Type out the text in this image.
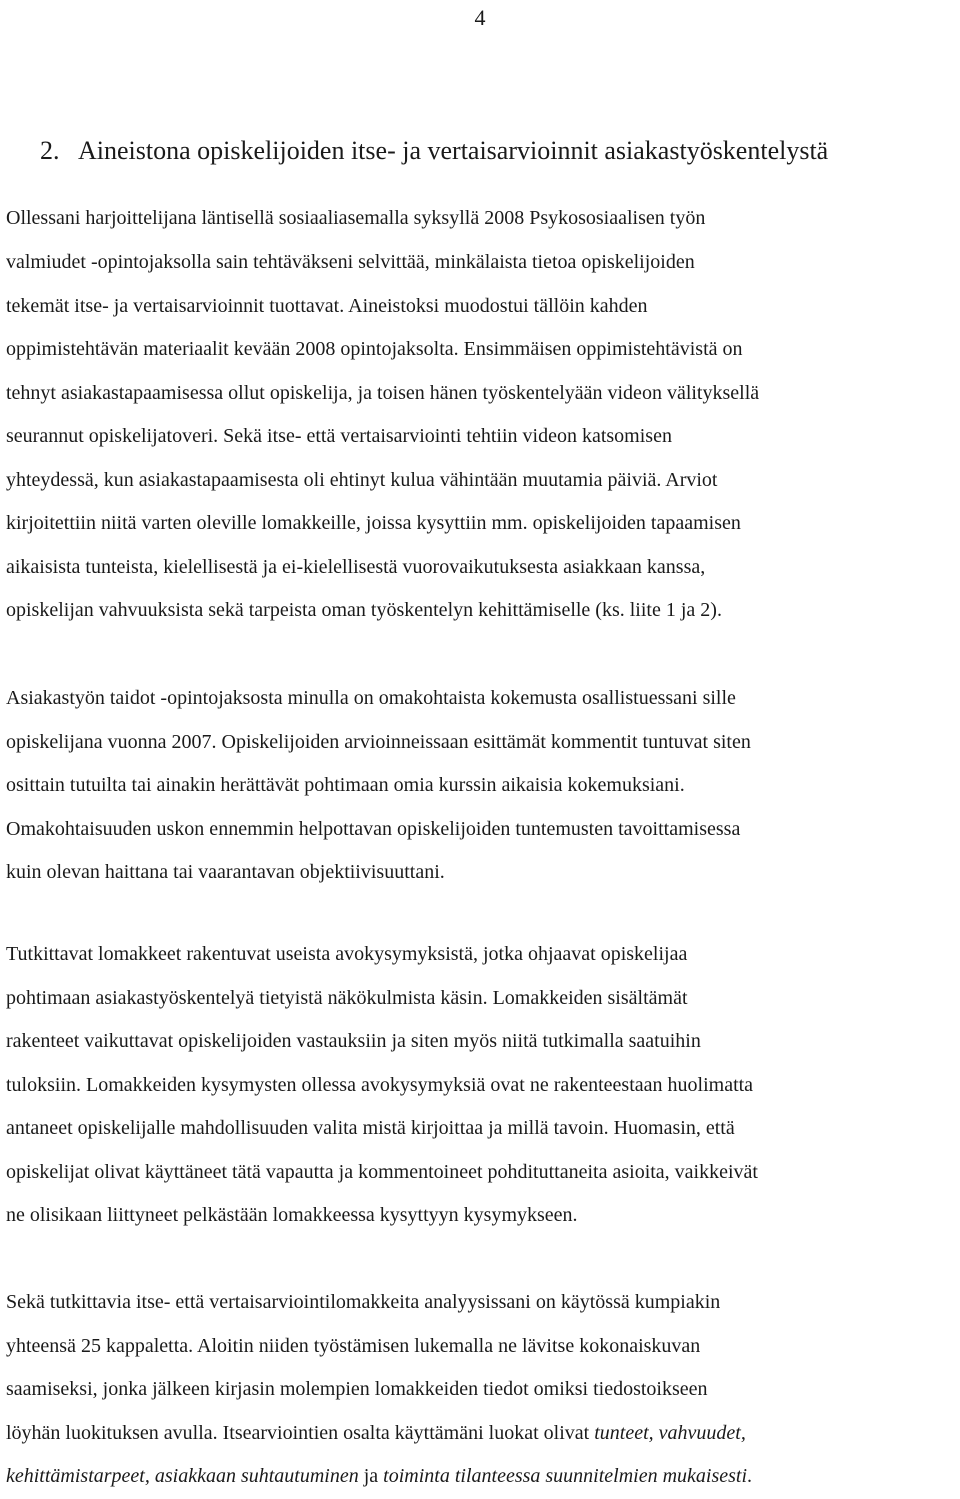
4
2. Aineistona opiskelijoiden itse- ja vertaisarvioinnit asiakastyöskentelystä
Ollessani harjoittelijana läntisellä sosiaaliasemalla syksyllä 2008 Psykososiaalisen työn
valmiudet -opintojaksolla sain tehtäväkseni selvittää, minkälaista tietoa opiskelijoiden
tekemät itse- ja vertaisarvioinnit tuottavat. Aineistoksi muodostui tällöin kahden
oppimistehtävän materiaalit kevään 2008 opintojaksolta. Ensimmäisen oppimistehtävistä on
tehnyt asiakastapaamisessa ollut opiskelija, ja toisen hänen työskentelyään videon välityksellä
seurannut opiskelijatoveri. Sekä itse- että vertaisarviointi tehtiin videon katsomisen
yhteydessä, kun asiakastapaamisesta oli ehtinyt kulua vähintään muutamia päiviä. Arviot
kirjoitettiin niitä varten oleville lomakkeille, joissa kysyttiin mm. opiskelijoiden tapaamisen
aikaisista tunteista, kielellisestä ja ei-kielellisestä vuorovaikutuksesta asiakkaan kanssa,
opiskelijan vahvuuksista sekä tarpeista oman työskentelyn kehittämiselle (ks. liite 1 ja 2).
Asiakastyön taidot -opintojaksosta minulla on omakohtaista kokemusta osallistuessani sille
opiskelijana vuonna 2007. Opiskelijoiden arvioinneissaan esittämät kommentit tuntuvat siten
osittain tutuilta tai ainakin herättävät pohtimaan omia kurssin aikaisia kokemuksiani.
Omakohtaisuuden uskon ennemmin helpottavan opiskelijoiden tuntemusten tavoittamisessa
kuin olevan haittana tai vaarantavan objektiivisuuttani.
Tutkittavat lomakkeet rakentuvat useista avokysymyksistä, jotka ohjaavat opiskelijaa
pohtimaan asiakastyöskentelyä tietyistä näkökulmista käsin. Lomakkeiden sisältämät
rakenteet vaikuttavat opiskelijoiden vastauksiin ja siten myös niitä tutkimalla saatuihin
tuloksiin. Lomakkeiden kysymysten ollessa avokysymyksiä ovat ne rakenteestaan huolimatta
antaneet opiskelijalle mahdollisuuden valita mistä kirjoittaa ja millä tavoin. Huomasin, että
opiskelijat olivat käyttäneet tätä vapautta ja kommentoineet pohdituttaneita asioita, vaikkeivät
ne olisikaan liittyneet pelkästään lomakkeessa kysyttyyn kysymykseen.
Sekä tutkittavia itse- että vertaisarviointilomakkeita analyysissani on käytössä kumpiakin
yhteensä 25 kappaletta. Aloitin niiden työstämisen lukemalla ne lävitse kokonaiskuvan
saamiseksi, jonka jälkeen kirjasin molempien lomakkeiden tiedot omiksi tiedostoikseen
löyhän luokituksen avulla. Itsearviointien osalta käyttämäni luokat olivat tunteet, vahvuudet,
kehittämistarpeet, asiakkaan suhtautuminen ja toiminta tilanteessa suunnitelmien mukaisesti.
